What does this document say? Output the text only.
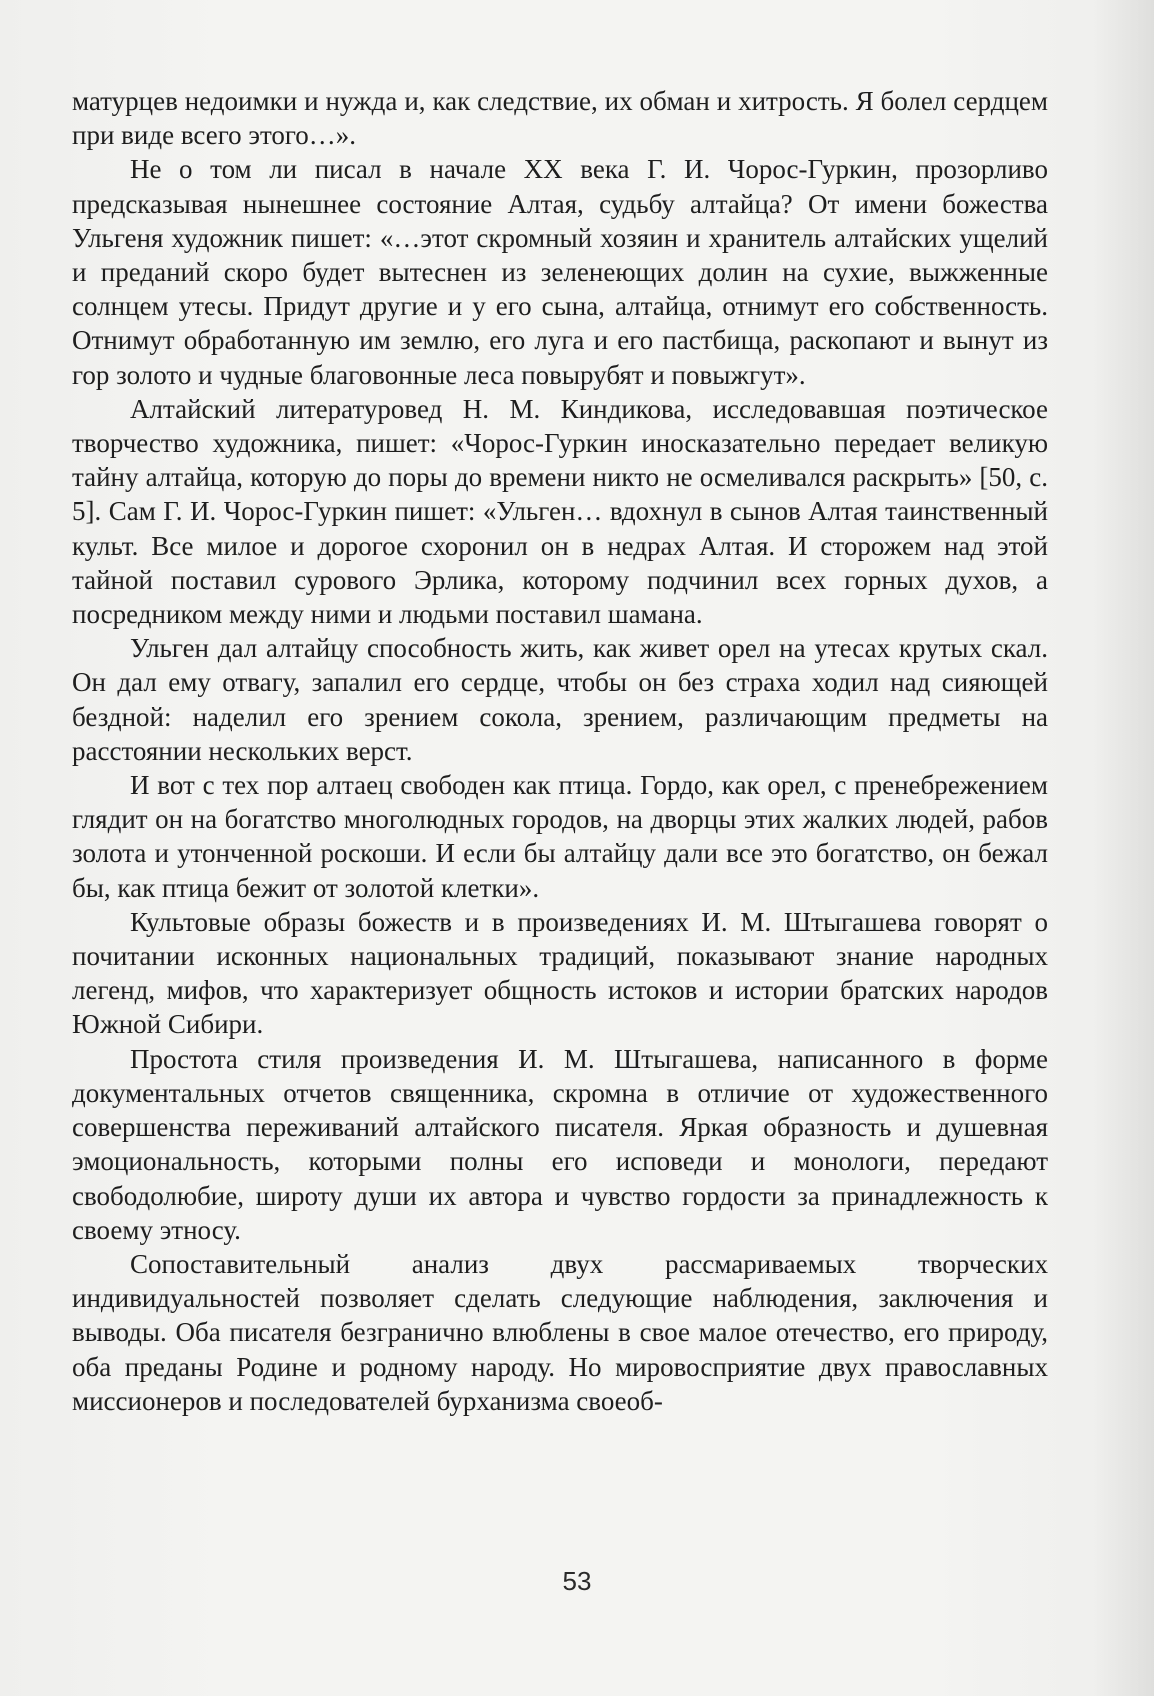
матурцев недоимки и нужда и, как следствие, их обман и хитрость. Я болел сердцем при виде всего этого…».

Не о том ли писал в начале XX века Г. И. Чорос-Гуркин, прозорливо предсказывая нынешнее состояние Алтая, судьбу алтайца? От имени божества Ульгеня художник пишет: «…этот скромный хозяин и хранитель алтайских ущелий и преданий скоро будет вытеснен из зеленеющих долин на сухие, выжженные солнцем утесы. Придут другие и у его сына, алтайца, отнимут его собственность. Отнимут обработанную им землю, его луга и его пастбища, раскопают и вынут из гор золото и чудные благовонные леса повырубят и повыжгут».

Алтайский литературовед Н. М. Киндикова, исследовавшая поэтическое творчество художника, пишет: «Чорос-Гуркин иносказательно передает великую тайну алтайца, которую до поры до времени никто не осмеливался раскрыть» [50, с. 5]. Сам Г. И. Чорос-Гуркин пишет: «Ульген… вдохнул в сынов Алтая таинственный культ. Все милое и дорогое схоронил он в недрах Алтая. И сторожем над этой тайной поставил сурового Эрлика, которому подчинил всех горных духов, а посредником между ними и людьми поставил шамана.

Ульген дал алтайцу способность жить, как живет орел на утесах крутых скал. Он дал ему отвагу, запалил его сердце, чтобы он без страха ходил над сияющей бездной: наделил его зрением сокола, зрением, различающим предметы на расстоянии нескольких верст.

И вот с тех пор алтаец свободен как птица. Гордо, как орел, с пренебрежением глядит он на богатство многолюдных городов, на дворцы этих жалких людей, рабов золота и утонченной роскоши. И если бы алтайцу дали все это богатство, он бежал бы, как птица бежит от золотой клетки».

Культовые образы божеств и в произведениях И. М. Штыгашева говорят о почитании исконных национальных традиций, показывают знание народных легенд, мифов, что характеризует общность истоков и истории братских народов Южной Сибири.

Простота стиля произведения И. М. Штыгашева, написанного в форме документальных отчетов священника, скромна в отличие от художественного совершенства переживаний алтайского писателя. Яркая образность и душевная эмоциональность, которыми полны его исповеди и монологи, передают свободолюбие, широту души их автора и чувство гордости за принадлежность к своему этносу.

Сопоставительный анализ двух рассмариваемых творческих индивидуальностей позволяет сделать следующие наблюдения, заключения и выводы. Оба писателя безгранично влюблены в свое малое отечество, его природу, оба преданы Родине и родному народу. Но мировосприятие двух православных миссионеров и последователей бурханизма своеоб-

53
